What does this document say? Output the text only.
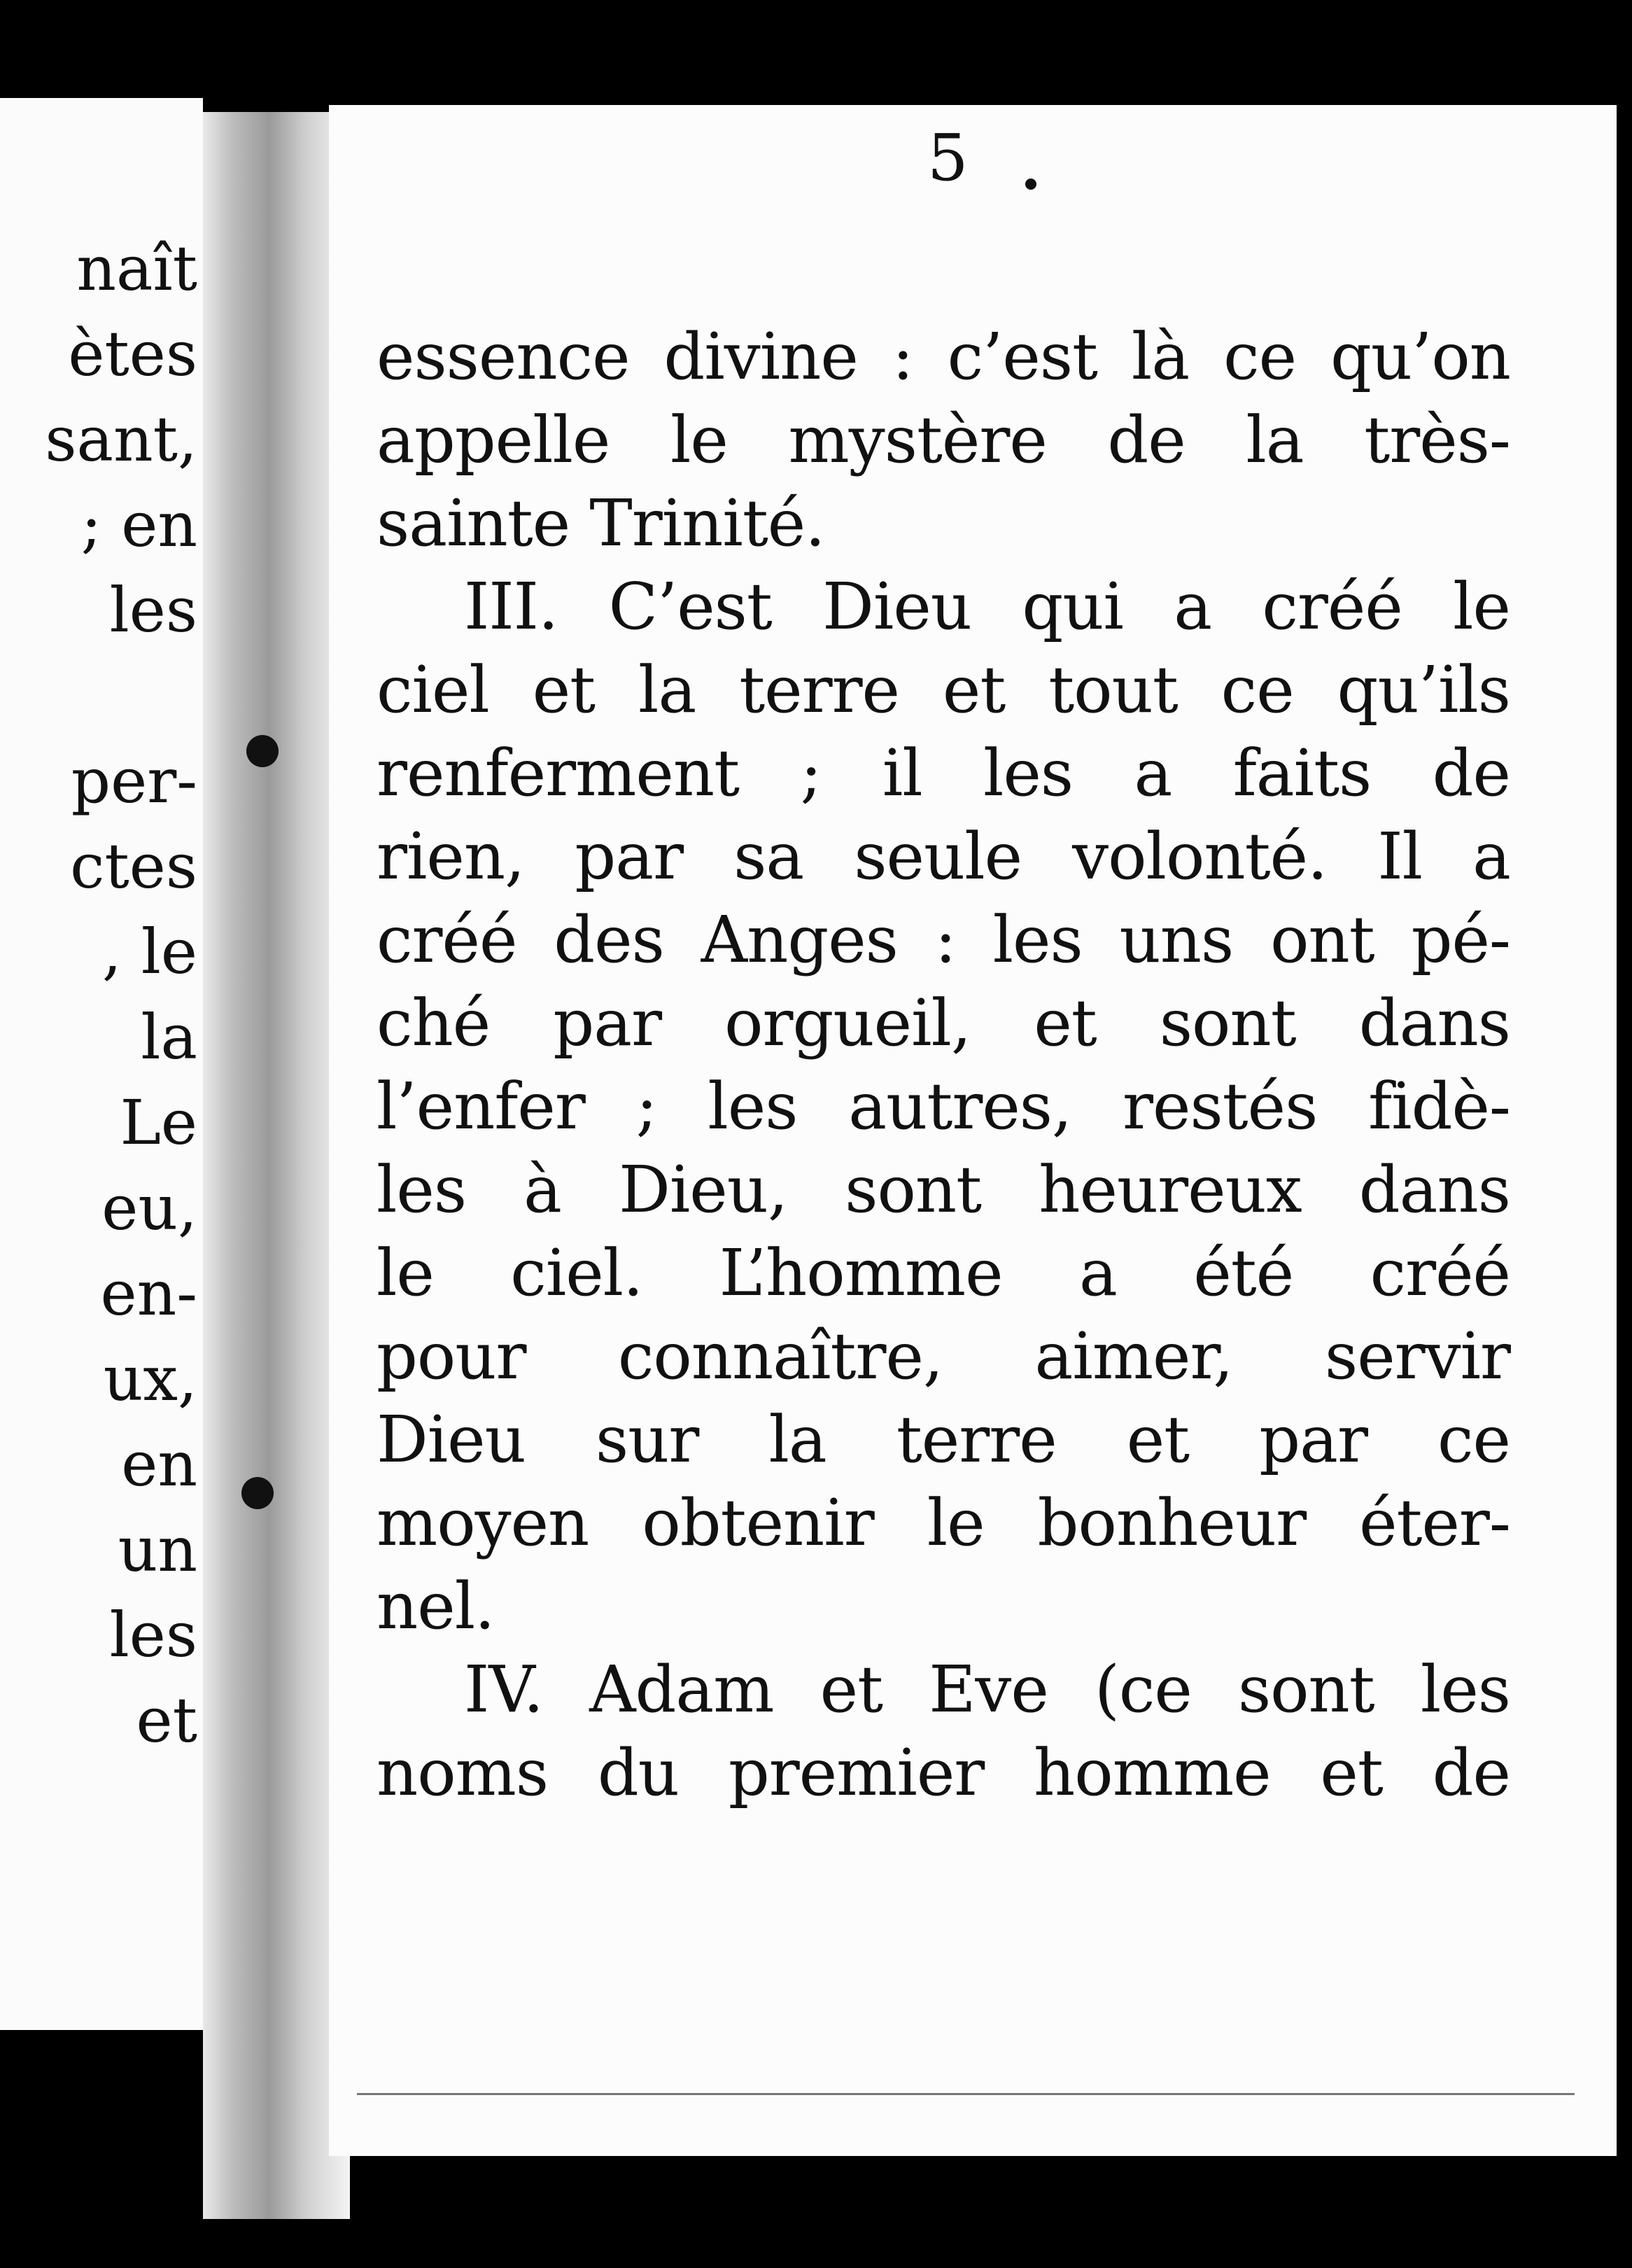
naît
ètes
sant,
; en
les
per-
ctes
, le
la
Le
eu,
en-
ux,
en
un
les
et
5
essence divine : c’est là ce qu’on
appelle le mystère de la très-
sainte Trinité.
III. C’est Dieu qui a créé le
ciel et la terre et tout ce qu’ils
renferment ; il les a faits de
rien, par sa seule volonté. Il a
créé des Anges : les uns ont pé-
ché par orgueil, et sont dans
l’enfer ; les autres, restés fidè-
les à Dieu, sont heureux dans
le ciel. L’homme a été créé
pour connaître, aimer, servir
Dieu sur la terre et par ce
moyen obtenir le bonheur éter-
nel.
IV. Adam et Eve (ce sont les
noms du premier homme et de
